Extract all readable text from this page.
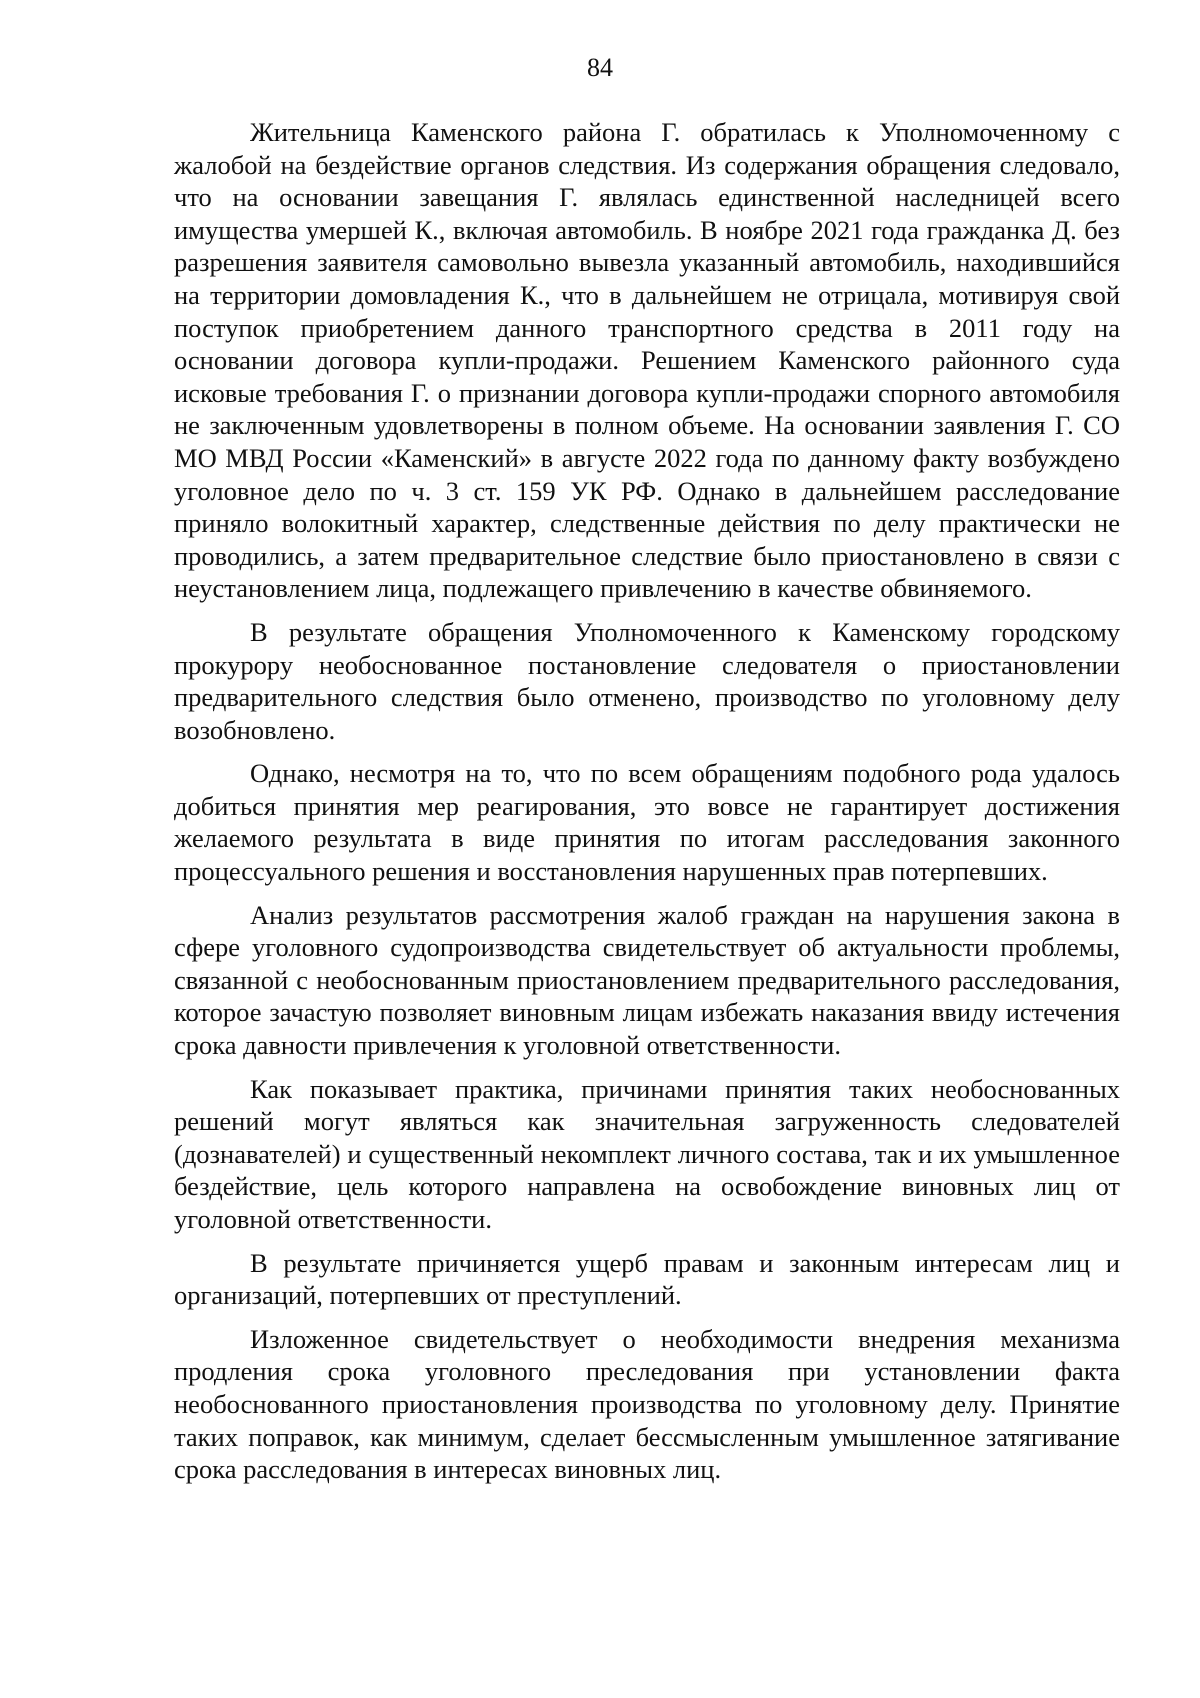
84

Жительница Каменского района Г. обратилась к Уполномоченному с жалобой на бездействие органов следствия. Из содержания обращения следовало, что на основании завещания Г. являлась единственной наследницей всего имущества умершей К., включая автомобиль. В ноябре 2021 года гражданка Д. без разрешения заявителя самовольно вывезла указанный автомобиль, находившийся на территории домовладения К., что в дальнейшем не отрицала, мотивируя свой поступок приобретением данного транспортного средства в 2011 году на основании договора купли-продажи. Решением Каменского районного суда исковые требования Г. о признании договора купли-продажи спорного автомобиля не заключенным удовлетворены в полном объеме. На основании заявления Г. СО МО МВД России «Каменский» в августе 2022 года по данному факту возбуждено уголовное дело по ч. 3 ст. 159 УК РФ. Однако в дальнейшем расследование приняло волокитный характер, следственные действия по делу практически не проводились, а затем предварительное следствие было приостановлено в связи с неустановлением лица, подлежащего привлечению в качестве обвиняемого.

В результате обращения Уполномоченного к Каменскому городскому прокурору необоснованное постановление следователя о приостановлении предварительного следствия было отменено, производство по уголовному делу возобновлено.

Однако, несмотря на то, что по всем обращениям подобного рода удалось добиться принятия мер реагирования, это вовсе не гарантирует достижения желаемого результата в виде принятия по итогам расследования законного процессуального решения и восстановления нарушенных прав потерпевших.

Анализ результатов рассмотрения жалоб граждан на нарушения закона в сфере уголовного судопроизводства свидетельствует об актуальности проблемы, связанной с необоснованным приостановлением предварительного расследования, которое зачастую позволяет виновным лицам избежать наказания ввиду истечения срока давности привлечения к уголовной ответственности.

Как показывает практика, причинами принятия таких необоснованных решений могут являться как значительная загруженность следователей (дознавателей) и существенный некомплект личного состава, так и их умышленное бездействие, цель которого направлена на освобождение виновных лиц от уголовной ответственности.

В результате причиняется ущерб правам и законным интересам лиц и организаций, потерпевших от преступлений.

Изложенное свидетельствует о необходимости внедрения механизма продления срока уголовного преследования при установлении факта необоснованного приостановления производства по уголовному делу. Принятие таких поправок, как минимум, сделает бессмысленным умышленное затягивание срока расследования в интересах виновных лиц.
